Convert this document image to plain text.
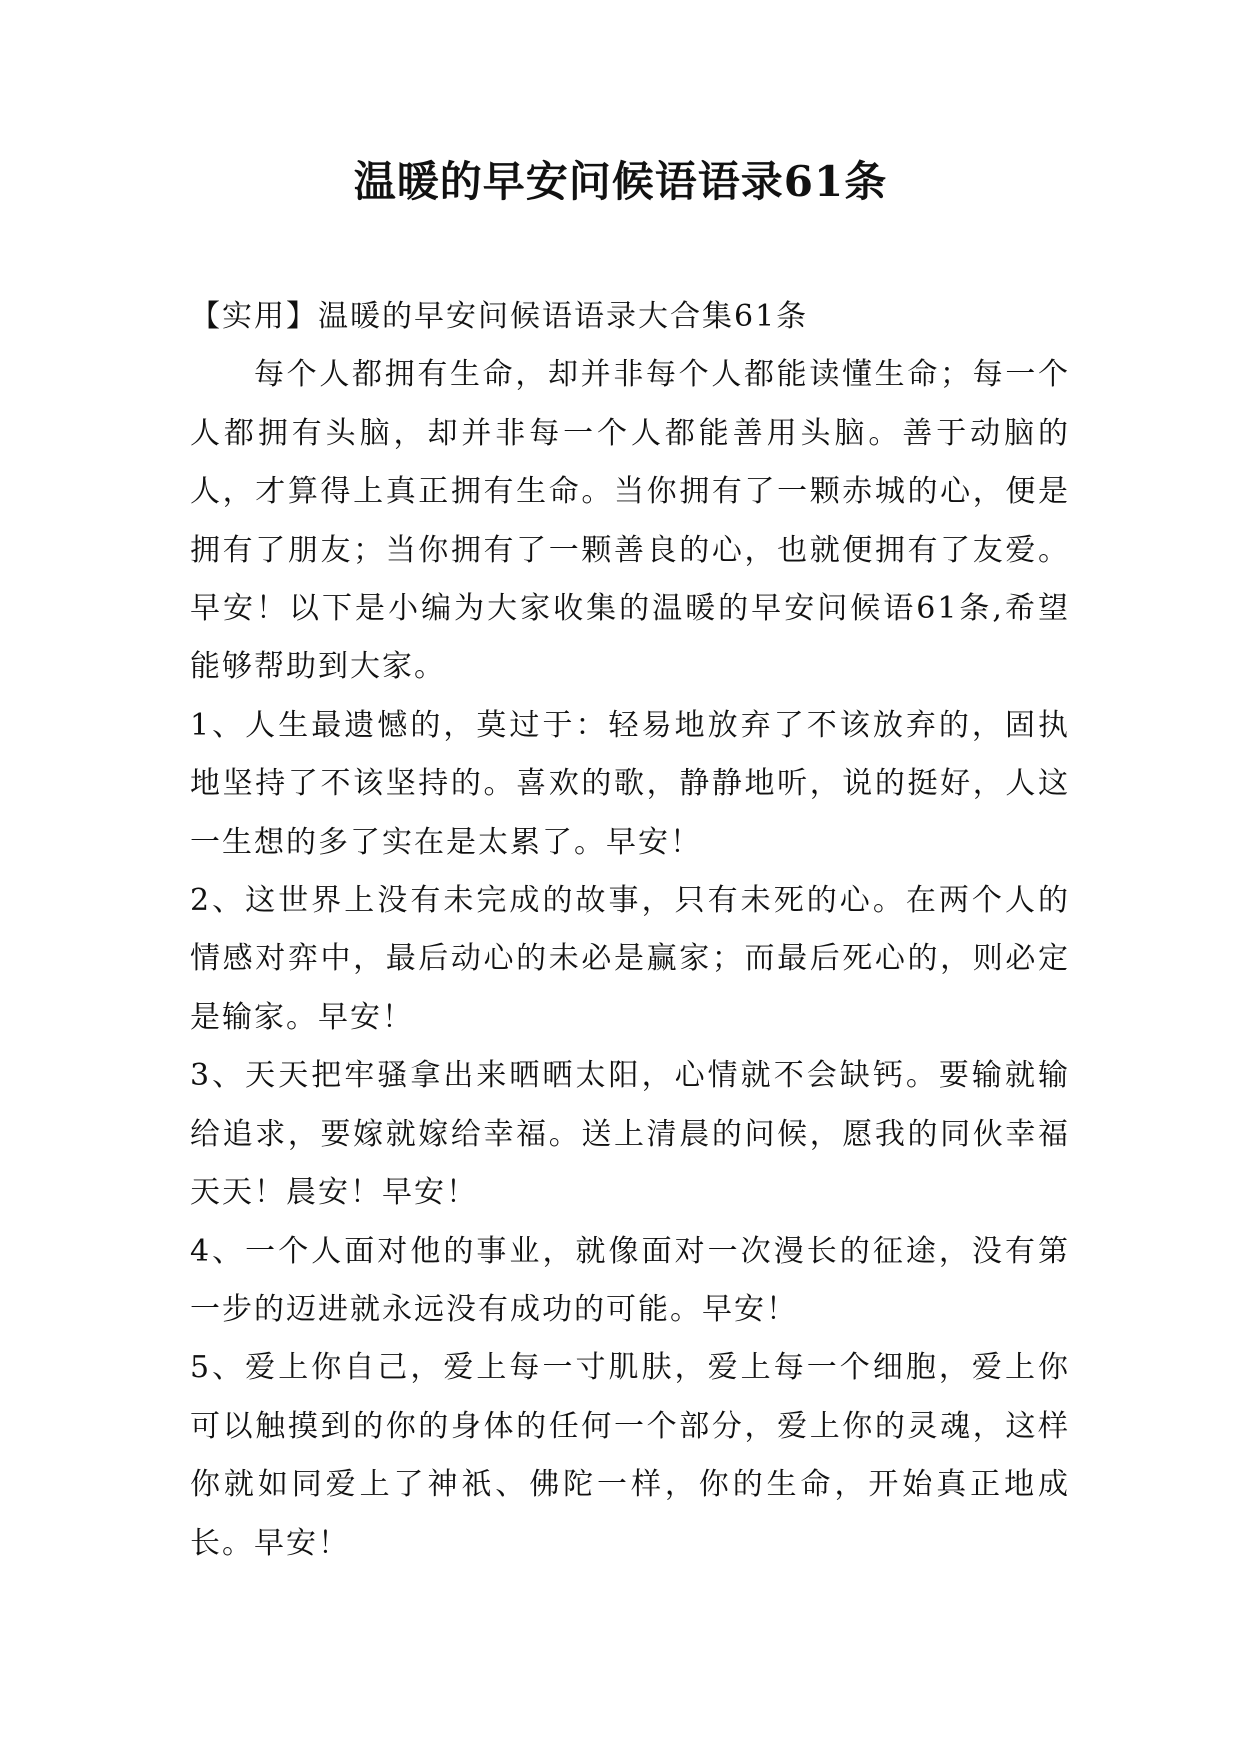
温暖的早安问候语语录61条

【实用】温暖的早安问候语语录大合集61条

每个人都拥有生命，却并非每个人都能读懂生命；每一个人都拥有头脑，却并非每一个人都能善用头脑。善于动脑的人，才算得上真正拥有生命。当你拥有了一颗赤城的心，便是拥有了朋友；当你拥有了一颗善良的心，也就便拥有了友爱。早安！以下是小编为大家收集的温暖的早安问候语61条,希望能够帮助到大家。

1、人生最遗憾的，莫过于：轻易地放弃了不该放弃的，固执地坚持了不该坚持的。喜欢的歌，静静地听，说的挺好，人这一生想的多了实在是太累了。早安！

2、这世界上没有未完成的故事，只有未死的心。在两个人的情感对弈中，最后动心的未必是赢家；而最后死心的，则必定是输家。早安！

3、天天把牢骚拿出来晒晒太阳，心情就不会缺钙。要输就输给追求，要嫁就嫁给幸福。送上清晨的问候，愿我的同伙幸福天天！晨安！早安！

4、一个人面对他的事业，就像面对一次漫长的征途，没有第一步的迈进就永远没有成功的可能。早安！

5、爱上你自己，爱上每一寸肌肤，爱上每一个细胞，爱上你可以触摸到的你的身体的任何一个部分，爱上你的灵魂，这样你就如同爱上了神祇、佛陀一样，你的生命，开始真正地成长。早安！
